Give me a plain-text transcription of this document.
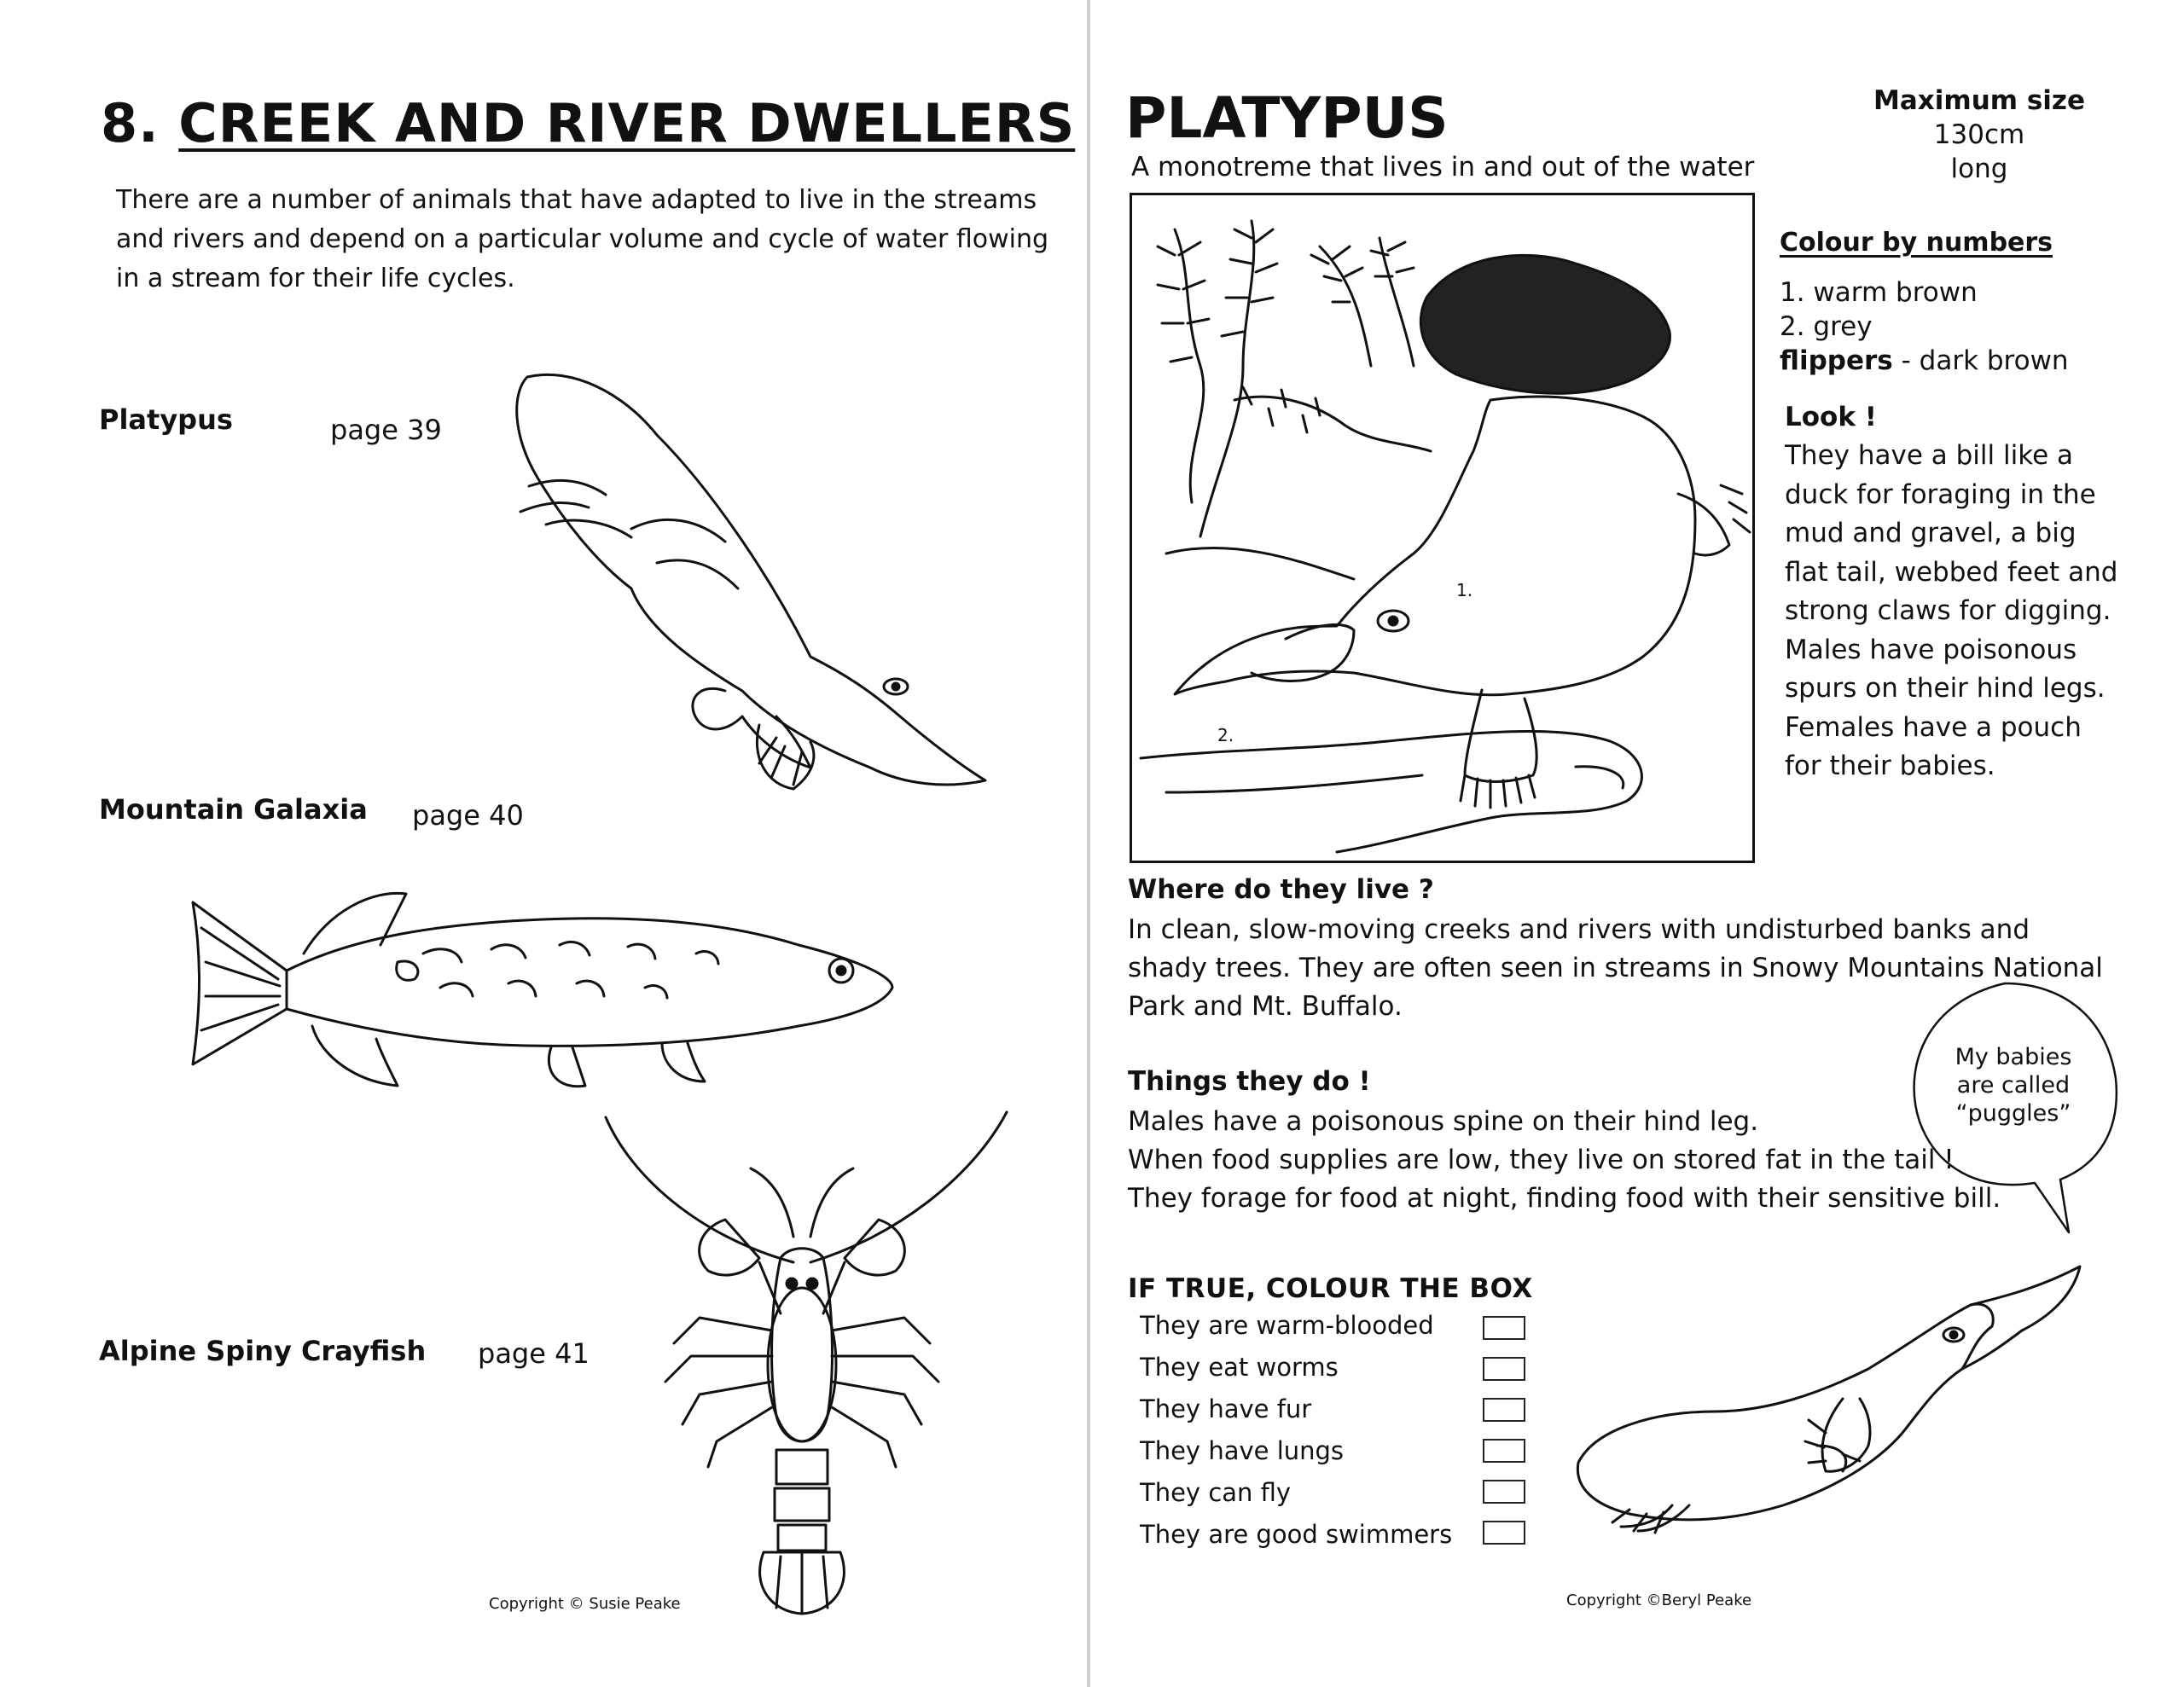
8. CREEK AND RIVER DWELLERS
There are a number of animals that have adapted to live in the streams and rivers and depend on a particular volume and cycle of water flowing in a stream for their life cycles.
Platypus	page 39
Mountain Galaxia page 40
Alpine Spiny Crayfish page 41
Copyright © Susie Peake
PLATYPUS
A monotreme that lives in and out of the water
Maximum size
130cm
long
1.
2.
Colour by numbers
1. warm brown
2. grey
flippers - dark brown
Look !
They have a bill like a duck for foraging in the mud and gravel, a big flat tail, webbed feet and strong claws for digging. Males have poisonous spurs on their hind legs. Females have a pouch for their babies.
Where do they live ?
In clean, slow-moving creeks and rivers with undisturbed banks and shady trees. They are often seen in streams in Snowy Mountains National Park and Mt. Buffalo.
My babies
are called
“puggles”
Things they do !
Males have a poisonous spine on their hind leg.
When food supplies are low, they live on stored fat in the tail !
They forage for food at night, finding food with their sensitive bill.
IF TRUE, COLOUR THE BOX
They are warm-blooded
They eat worms
They have fur
They have lungs
They can fly
They are good swimmers
Copyright ©Beryl Peake
